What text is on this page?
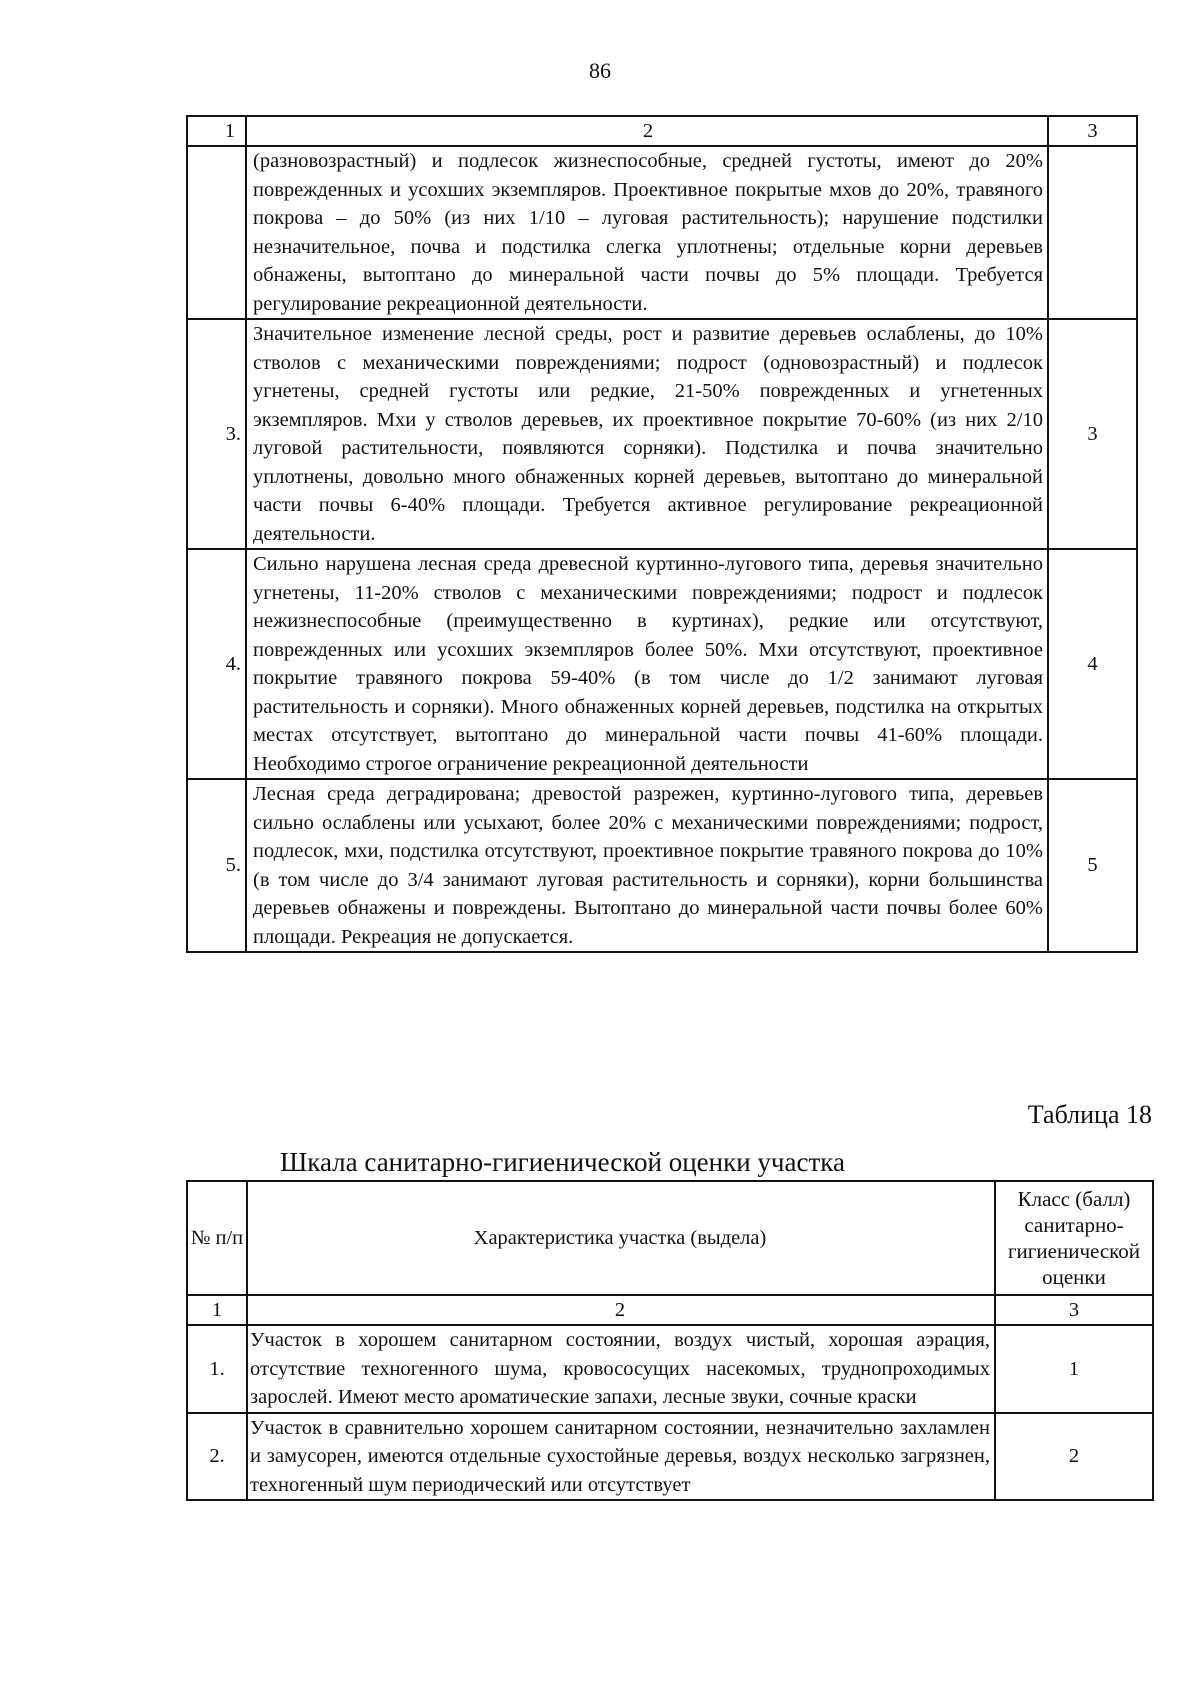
86
1	2	3
	(разновозрастный) и подлесок жизнеспособные, средней густоты, имеют до 20% поврежденных и усохших экземпляров. Проективное покрытые мхов до 20%, травяного покрова – до 50% (из них 1/10 – луговая растительность); нарушение подстилки незначительное, почва и подстилка слегка уплотнены; отдельные корни деревьев обнажены, вытоптано до минеральной части почвы до 5% площади. Требуется регулирование рекреационной деятельности.	
3.	Значительное изменение лесной среды, рост и развитие деревьев ослаблены, до 10% стволов с механическими повреждениями; подрост (одновозрастный) и подлесок угнетены, средней густоты или редкие, 21-50% поврежденных и угнетенных экземпляров. Мхи у стволов деревьев, их проективное покрытие 70-60% (из них 2/10 луговой растительности, появляются сорняки). Подстилка и почва значительно уплотнены, довольно много обнаженных корней деревьев, вытоптано до минеральной части почвы 6-40% площади. Требуется активное регулирование рекреационной деятельности.	3
4.	Сильно нарушена лесная среда древесной куртинно-лугового типа, деревья значительно угнетены, 11-20% стволов с механическими повреждениями; подрост и подлесок нежизнеспособные (преимущественно в куртинах), редкие или отсутствуют, поврежденных или усохших экземпляров более 50%. Мхи отсутствуют, проективное покрытие травяного покрова 59-40% (в том числе до 1/2 занимают луговая растительность и сорняки). Много обнаженных корней деревьев, подстилка на открытых местах отсутствует, вытоптано до минеральной части почвы 41-60% площади. Необходимо строгое ограничение рекреационной деятельности	4
5.	Лесная среда деградирована; древостой разрежен, куртинно-лугового типа, деревьев сильно ослаблены или усыхают, более 20% с механическими повреждениями; подрост, подлесок, мхи, подстилка отсутствуют, проективное покрытие травяного покрова до 10% (в том числе до 3/4 занимают луговая растительность и сорняки), корни большинства деревьев обнажены и повреждены. Вытоптано до минеральной части почвы более 60% площади. Рекреация не допускается.	5
Таблица 18
Шкала санитарно-гигиенической оценки участка
№ п/п	Характеристика участка (выдела)	Класс (балл) санитарно-гигиенической оценки
1	2	3
1.	Участок в хорошем санитарном состоянии, воздух чистый, хорошая аэрация, отсутствие техногенного шума, кровососущих насекомых, труднопроходимых зарослей. Имеют место ароматические запахи, лесные звуки, сочные краски	1
2.	Участок в сравнительно хорошем санитарном состоянии, незначительно захламлен и замусорен, имеются отдельные сухостойные деревья, воздух несколько загрязнен, техногенный шум периодический или отсутствует	2
